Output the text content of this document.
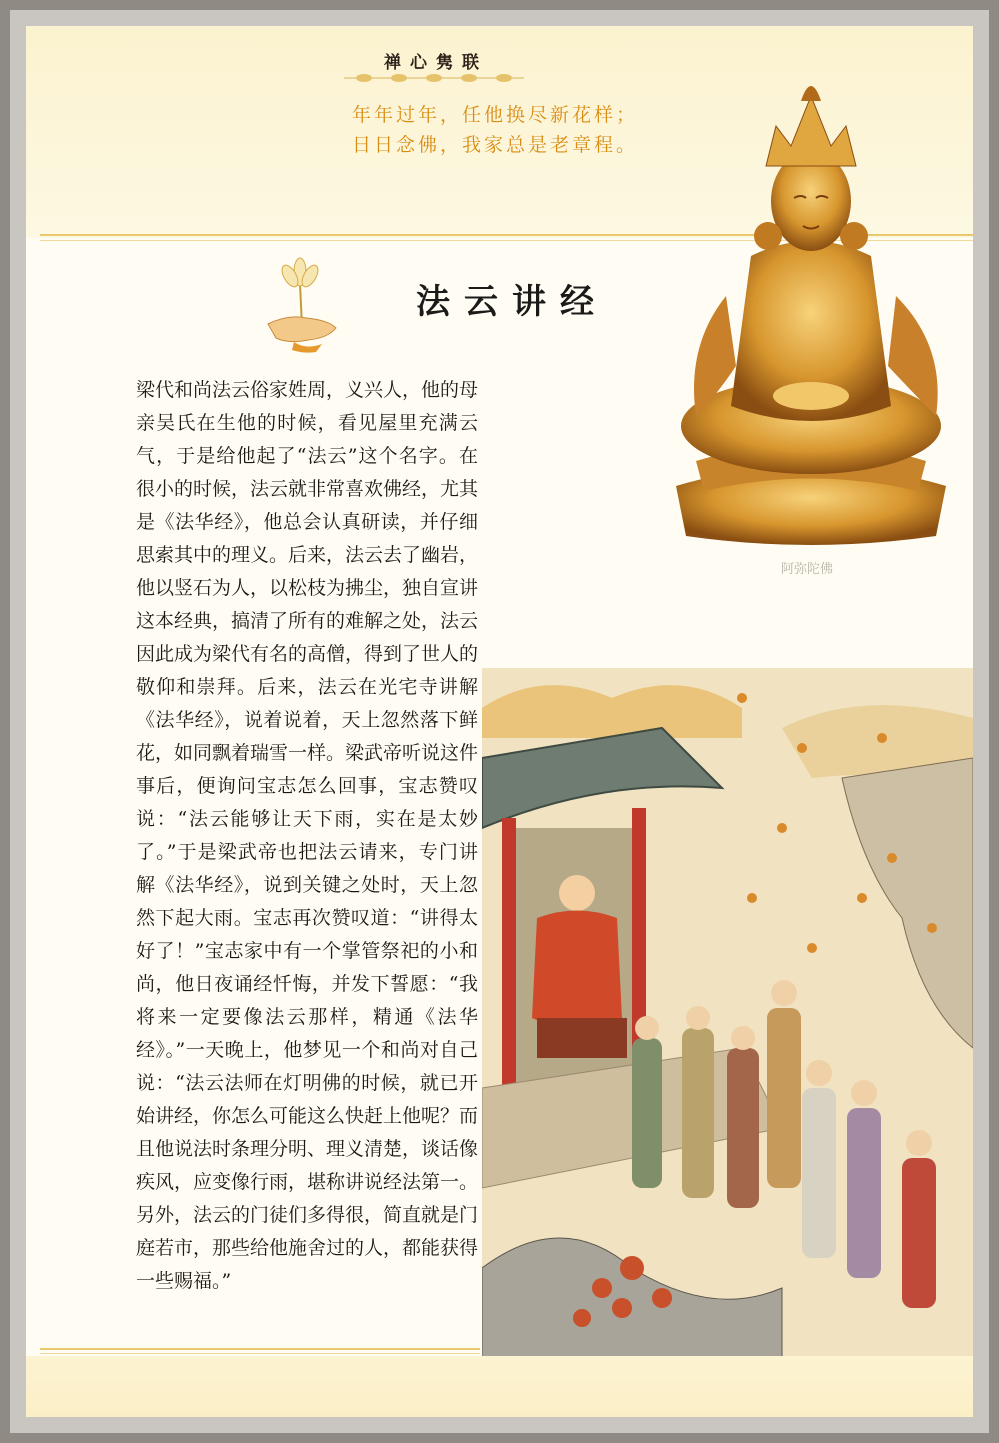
禅心隽联
年年过年，任他换尽新花样；
日日念佛，我家总是老章程。
法云讲经
阿弥陀佛

梁代和尚法云俗家姓周，义兴人，他的母亲吴氏在生他的时候，看见屋里充满云气，于是给他起了“法云”这个名字。在很小的时候，法云就非常喜欢佛经，尤其是《法华经》，他总会认真研读，并仔细思索其中的理义。后来，法云去了幽岩，他以竖石为人，以松枝为拂尘，独自宣讲这本经典，搞清了所有的难解之处，法云因此成为梁代有名的高僧，得到了世人的敬仰和崇拜。后来，法云在光宅寺讲解《法华经》，说着说着，天上忽然落下鲜花，如同飘着瑞雪一样。梁武帝听说这件事后，便询问宝志怎么回事，宝志赞叹说：“法云能够让天下雨，实在是太妙了。”于是梁武帝也把法云请来，专门讲解《法华经》，说到关键之处时，天上忽然下起大雨。宝志再次赞叹道：“讲得太好了！”宝志家中有一个掌管祭祀的小和尚，他日夜诵经忏悔，并发下誓愿：“我将来一定要像法云那样，精通《法华经》。”一天晚上，他梦见一个和尚对自己说：“法云法师在灯明佛的时候，就已开始讲经，你怎么可能这么快赶上他呢？而且他说法时条理分明、理义清楚，谈话像疾风，应变像行雨，堪称讲说经法第一。另外，法云的门徒们多得很，简直就是门庭若市，那些给他施舍过的人，都能获得一些赐福。”
